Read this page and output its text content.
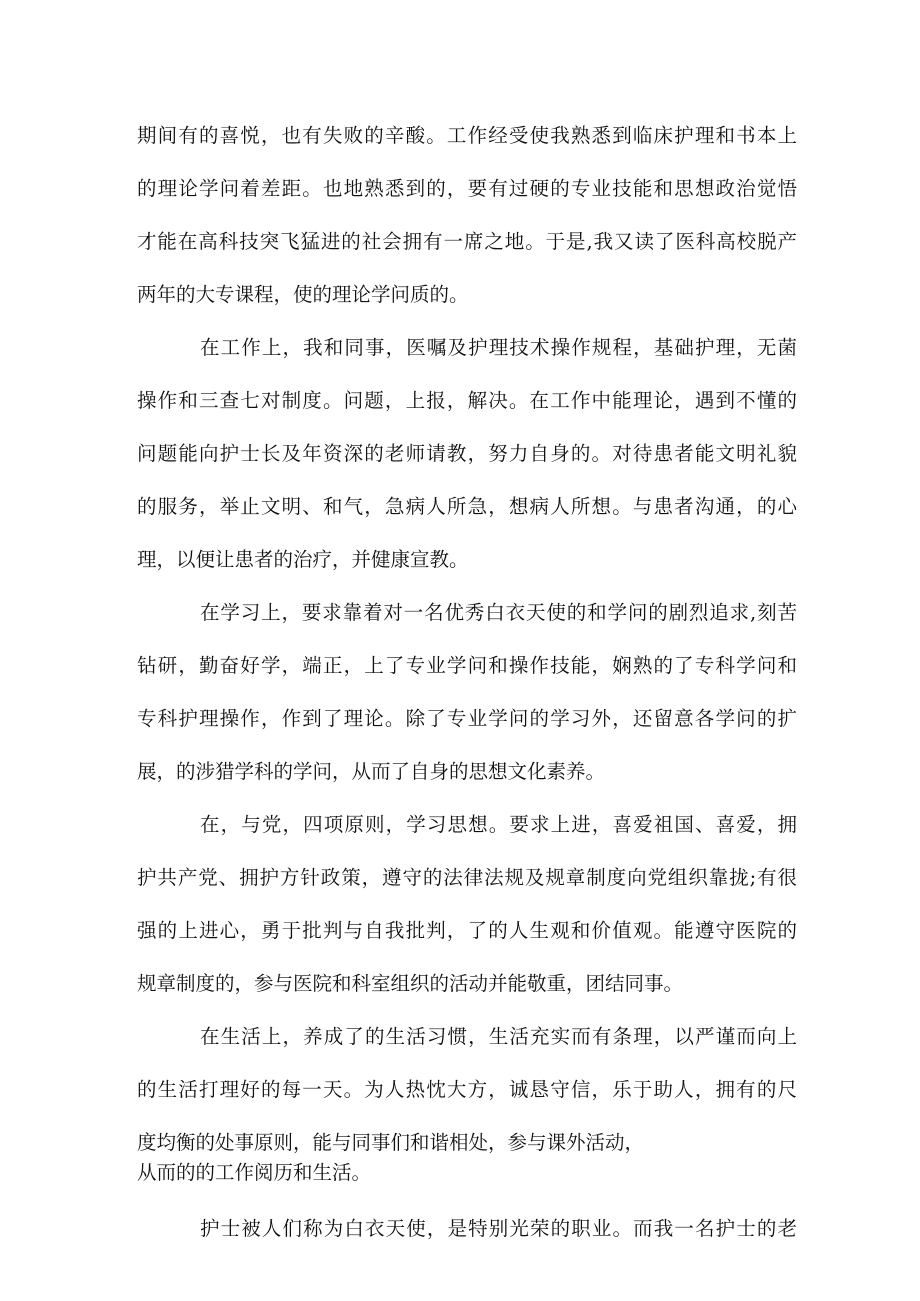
期间有的喜悦，也有失败的辛酸。工作经受使我熟悉到临床护理和书本上

的理论学问着差距。也地熟悉到的，要有过硬的专业技能和思想政治觉悟

才能在高科技突飞猛进的社会拥有一席之地。于是,我又读了医科高校脱产

两年的大专课程，使的理论学问质的。

在工作上，我和同事，医嘱及护理技术操作规程，基础护理，无菌

操作和三查七对制度。问题，上报，解决。在工作中能理论，遇到不懂的

问题能向护士长及年资深的老师请教，努力自身的。对待患者能文明礼貌

的服务，举止文明、和气，急病人所急，想病人所想。与患者沟通，的心

理，以便让患者的治疗，并健康宣教。

在学习上，要求靠着对一名优秀白衣天使的和学问的剧烈追求,刻苦

钻研，勤奋好学，端正，上了专业学问和操作技能，娴熟的了专科学问和

专科护理操作，作到了理论。除了专业学问的学习外，还留意各学问的扩

展，的涉猎学科的学问，从而了自身的思想文化素养。

在，与党，四项原则，学习思想。要求上进，喜爱祖国、喜爱，拥

护共产党、拥护方针政策，遵守的法律法规及规章制度向党组织靠拢;有很

强的上进心，勇于批判与自我批判，了的人生观和价值观。能遵守医院的

规章制度的，参与医院和科室组织的活动并能敬重，团结同事。

在生活上，养成了的生活习惯，生活充实而有条理，以严谨而向上

的生活打理好的每一天。为人热忱大方，诚恳守信，乐于助人，拥有的尺

度均衡的处事原则，能与同事们和谐相处，参与课外活动，

从而的的工作阅历和生活。

护士被人们称为白衣天使，是特别光荣的职业。而我一名护士的老
